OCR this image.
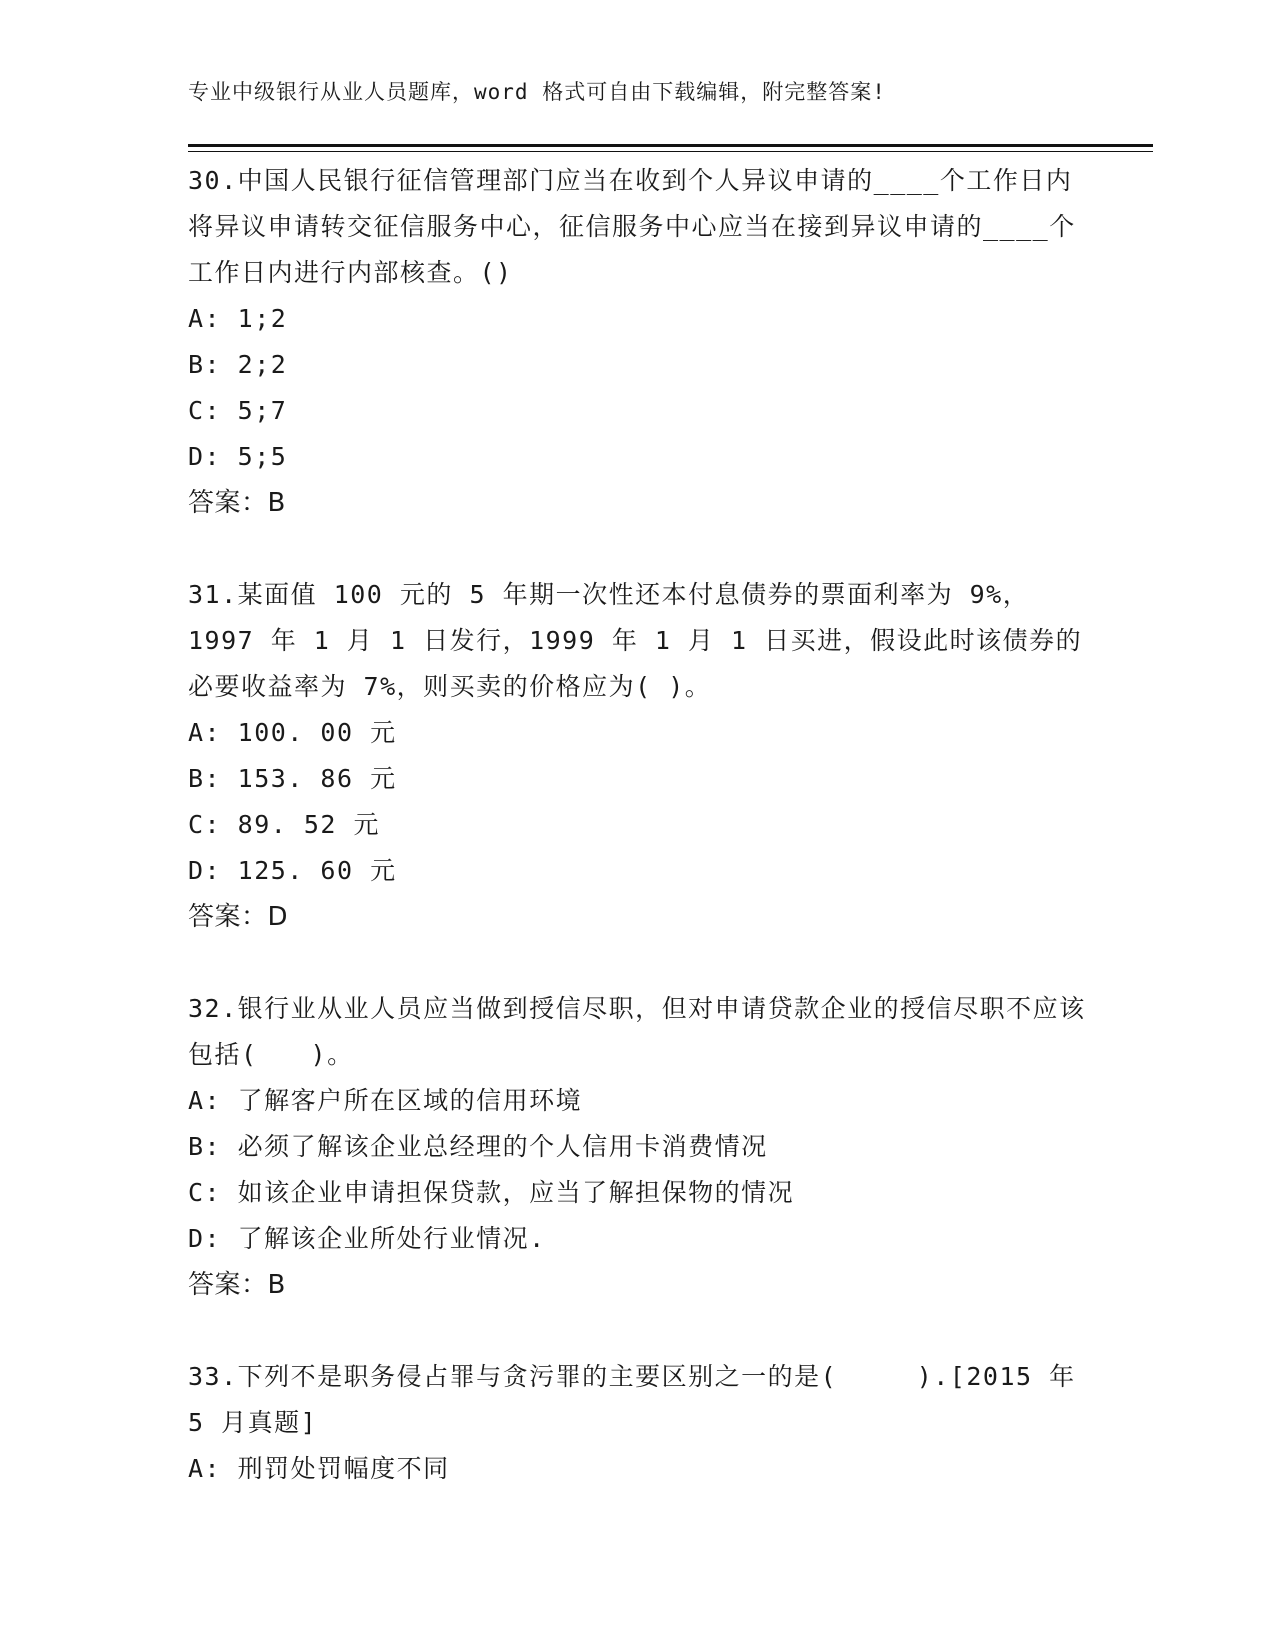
专业中级银行从业人员题库，word 格式可自由下载编辑，附完整答案!

30.中国人民银行征信管理部门应当在收到个人异议申请的____个工作日内将异议申请转交征信服务中心，征信服务中心应当在接到异议申请的____个工作日内进行内部核查。()

A: 1;2

B: 2;2

C: 5;7

D: 5;5

答案：B

31.某面值 100 元的 5 年期一次性还本付息债券的票面利率为 9%，1997 年 1 月 1 日发行，1999 年 1 月 1 日买进，假设此时该债券的必要收益率为 7%，则买卖的价格应为( )。

A: 100. 00 元

B: 153. 86 元

C: 89. 52 元

D: 125. 60 元

答案：D

32.银行业从业人员应当做到授信尽职，但对申请贷款企业的授信尽职不应该包括(　　)。

A: 了解客户所在区域的信用环境

B: 必须了解该企业总经理的个人信用卡消费情况

C: 如该企业申请担保贷款，应当了解担保物的情况

D: 了解该企业所处行业情况.

答案：B

33.下列不是职务侵占罪与贪污罪的主要区别之一的是(　　　).[2015 年 5 月真题]

A: 刑罚处罚幅度不同
